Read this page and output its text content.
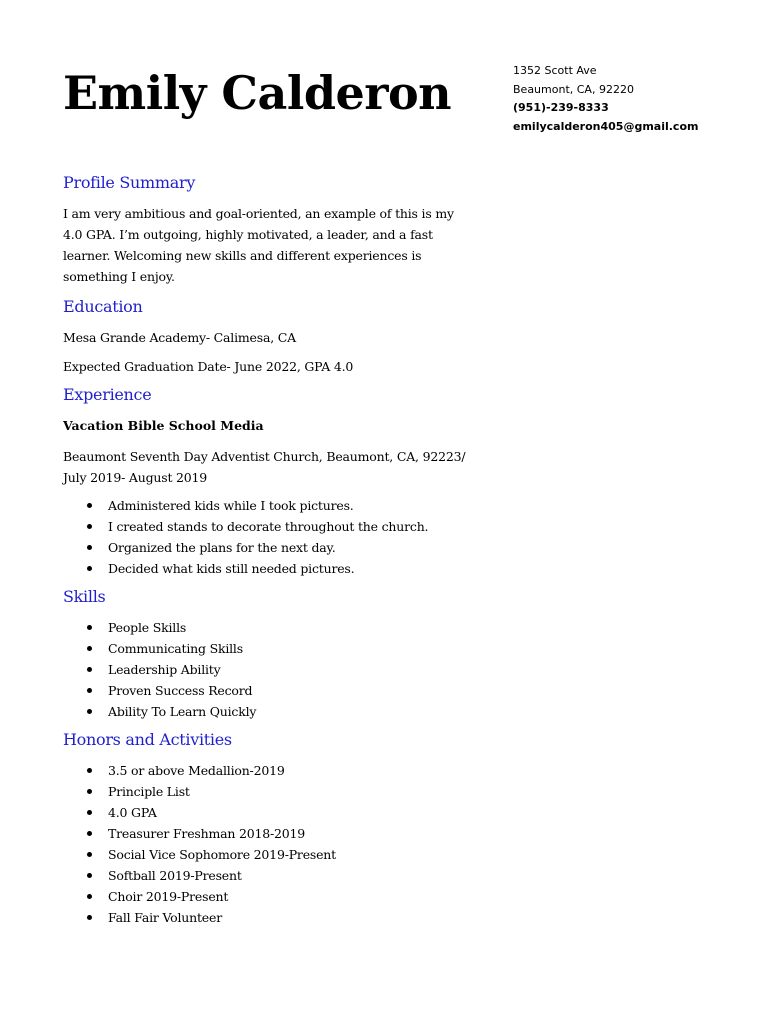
Emily Calderon	1352 Scott Ave
Beaumont, CA, 92220
(951)-239-8333
emilycalderon405@gmail.com
Profile Summary

I am very ambitious and goal-oriented, an example of this is my 4.0 GPA. I’m outgoing, highly motivated, a leader, and a fast learner. Welcoming new skills and different experiences is something I enjoy.

Education

Mesa Grande Academy- Calimesa, CA

Expected Graduation Date- June 2022, GPA 4.0

Experience

Vacation Bible School Media

Beaumont Seventh Day Adventist Church, Beaumont, CA, 92223/ July 2019- August 2019

Administered kids while I took pictures.
I created stands to decorate throughout the church.
Organized the plans for the next day.
Decided what kids still needed pictures.
Skills
People Skills
Communicating Skills
Leadership Ability
Proven Success Record
Ability To Learn Quickly
Honors and Activities
3.5 or above Medallion-2019
Principle List
4.0 GPA
Treasurer Freshman 2018-2019
Social Vice Sophomore 2019-Present
Softball 2019-Present
Choir 2019-Present
Fall Fair Volunteer
